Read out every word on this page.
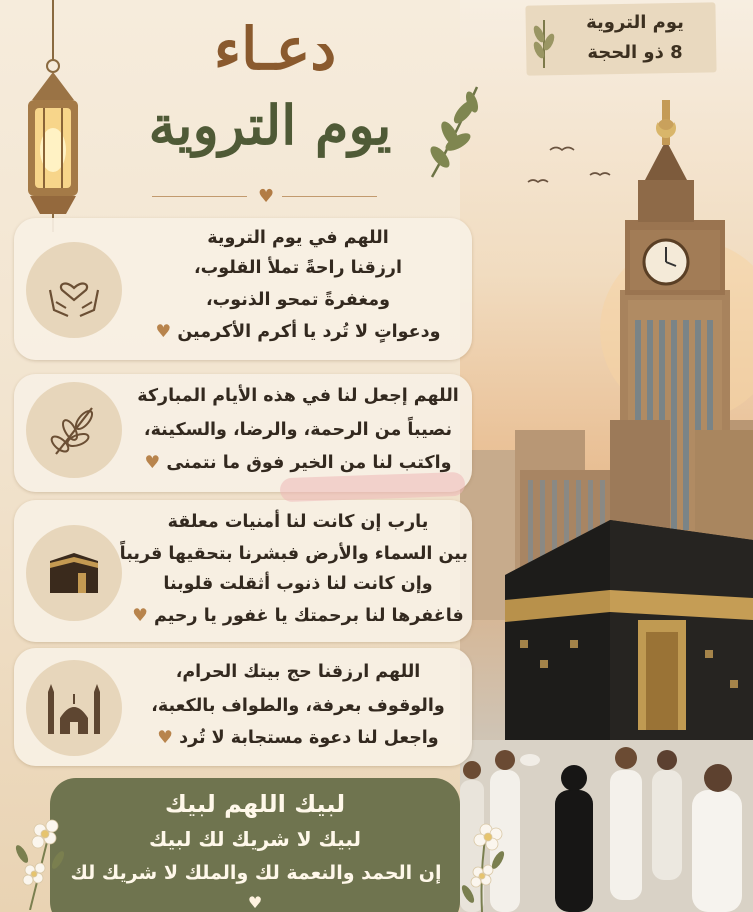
دعـاء
يوم التروية
♥
يوم التروية
8 ذو الحجة
اللهم في يوم التروية
ارزقنا راحةً تملأ القلوب،
ومغفرةً تمحو الذنوب،
ودعواتٍ لا تُرد يا أكرم الأكرمين ♥
اللهم إجعل لنا في هذه الأيام المباركة
نصيباً من الرحمة، والرضا، والسكينة،
واكتب لنا من الخير فوق ما نتمنى ♥
يارب إن كانت لنا أمنيات معلقة
بين السماء والأرض فبشرنا بتحقيها قريباً
وإن كانت لنا ذنوب أثقلت قلوبنا
فاغفرها لنا برحمتك يا غفور يا رحيم ♥
اللهم ارزقنا حج بيتك الحرام،
والوقوف بعرفة، والطواف بالكعبة،
واجعل لنا دعوة مستجابة لا تُرد ♥
لبيك اللهم لبيك
لبيك لا شريك لك لبيك
إن الحمد والنعمة لك والملك لا شريك لك
♥
